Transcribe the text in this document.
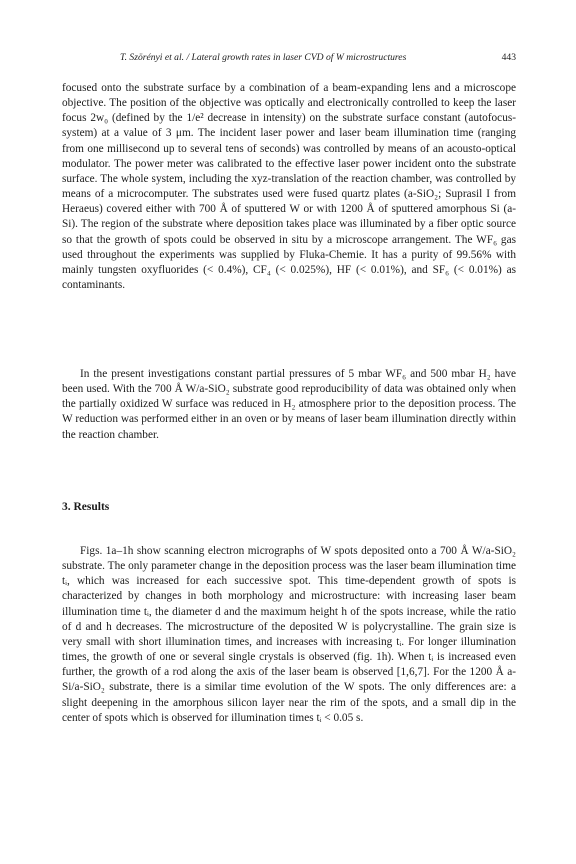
T. Szörényi et al. / Lateral growth rates in laser CVD of W microstructures	443

focused onto the substrate surface by a combination of a beam-expanding lens and a microscope objective. The position of the objective was optically and electronically controlled to keep the laser focus 2w₀ (defined by the 1/e² decrease in intensity) on the substrate surface constant (autofocus-system) at a value of 3 μm. The incident laser power and laser beam illumination time (ranging from one millisecond up to several tens of seconds) was controlled by means of an acousto-optical modulator. The power meter was calibrated to the effective laser power incident onto the substrate surface. The whole system, including the xyz-translation of the reaction chamber, was controlled by means of a microcomputer. The substrates used were fused quartz plates (a-SiO₂; Suprasil I from Heraeus) covered either with 700 Å of sputtered W or with 1200 Å of sputtered amorphous Si (a-Si). The region of the substrate where deposition takes place was illuminated by a fiber optic source so that the growth of spots could be observed in situ by a microscope arrangement. The WF₆ gas used throughout the experiments was supplied by Fluka-Chemie. It has a purity of 99.56% with mainly tungsten oxyfluorides (< 0.4%), CF₄ (< 0.025%), HF (< 0.01%), and SF₆ (< 0.01%) as contaminants.

In the present investigations constant partial pressures of 5 mbar WF₆ and 500 mbar H₂ have been used. With the 700 Å W/a-SiO₂ substrate good reproducibility of data was obtained only when the partially oxidized W surface was reduced in H₂ atmosphere prior to the deposition process. The W reduction was performed either in an oven or by means of laser beam illumination directly within the reaction chamber.

3. Results

Figs. 1a–1h show scanning electron micrographs of W spots deposited onto a 700 Å W/a-SiO₂ substrate. The only parameter change in the deposition process was the laser beam illumination time tᵢ, which was increased for each successive spot. This time-dependent growth of spots is characterized by changes in both morphology and microstructure: with increasing laser beam illumination time tᵢ, the diameter d and the maximum height h of the spots increase, while the ratio of d and h decreases. The microstructure of the deposited W is polycrystalline. The grain size is very small with short illumination times, and increases with increasing tᵢ. For longer illumination times, the growth of one or several single crystals is observed (fig. 1h). When tᵢ is increased even further, the growth of a rod along the axis of the laser beam is observed [1,6,7]. For the 1200 Å a-Si/a-SiO₂ substrate, there is a similar time evolution of the W spots. The only differences are: a slight deepening in the amorphous silicon layer near the rim of the spots, and a small dip in the center of spots which is observed for illumination times tᵢ < 0.05 s.
